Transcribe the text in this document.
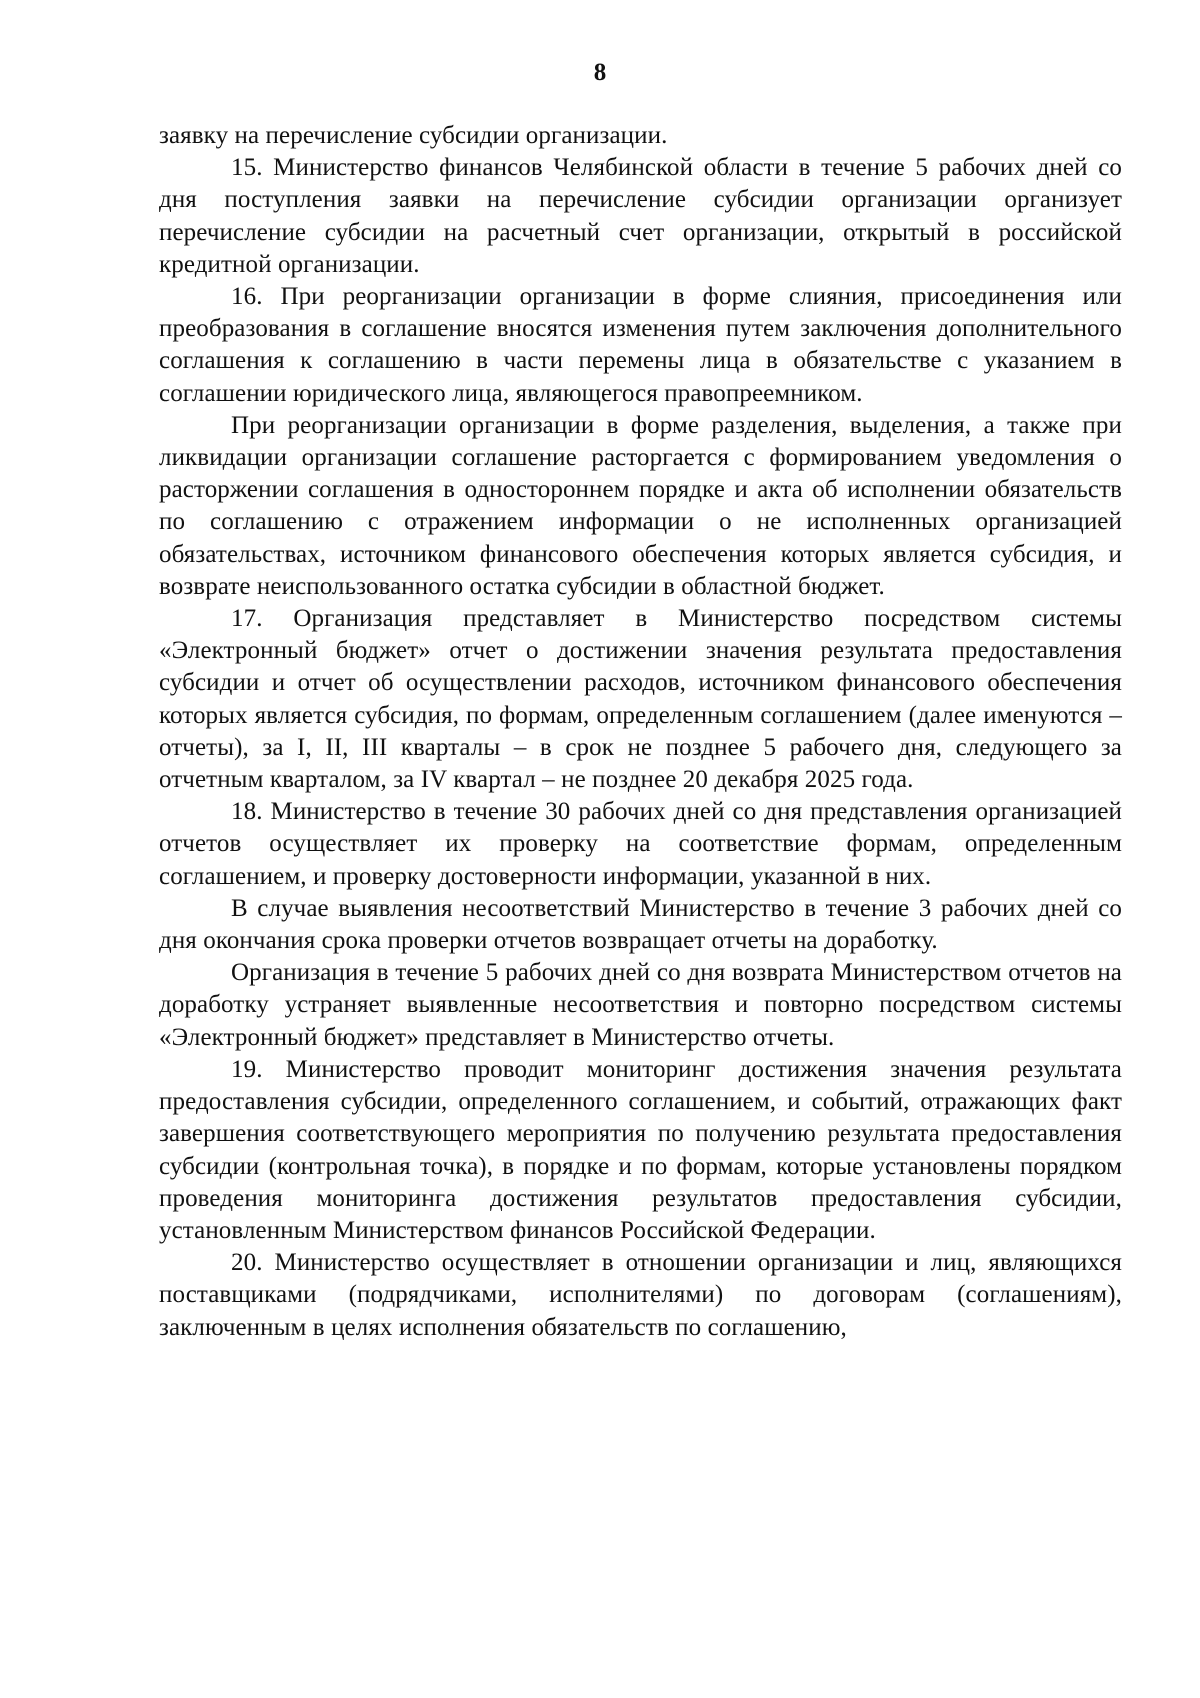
8

заявку на перечисление субсидии организации.

15. Министерство финансов Челябинской области в течение 5 рабочих дней со дня поступления заявки на перечисление субсидии организации организует перечисление субсидии на расчетный счет организации, открытый в российской кредитной организации.

16. При реорганизации организации в форме слияния, присоединения или преобразования в соглашение вносятся изменения путем заключения дополнительного соглашения к соглашению в части перемены лица в обязательстве с указанием в соглашении юридического лица, являющегося правопреемником.

При реорганизации организации в форме разделения, выделения, а также при ликвидации организации соглашение расторгается с формированием уведомления о расторжении соглашения в одностороннем порядке и акта об исполнении обязательств по соглашению с отражением информации о не исполненных организацией обязательствах, источником финансового обеспечения которых является субсидия, и возврате неиспользованного остатка субсидии в областной бюджет.

17. Организация представляет в Министерство посредством системы «Электронный бюджет» отчет о достижении значения результата предоставления субсидии и отчет об осуществлении расходов, источником финансового обеспечения которых является субсидия, по формам, определенным соглашением (далее именуются – отчеты), за I, II, III кварталы – в срок не позднее 5 рабочего дня, следующего за отчетным кварталом, за IV квартал – не позднее 20 декабря 2025 года.

18. Министерство в течение 30 рабочих дней со дня представления организацией отчетов осуществляет их проверку на соответствие формам, определенным соглашением, и проверку достоверности информации, указанной в них.

В случае выявления несоответствий Министерство в течение 3 рабочих дней со дня окончания срока проверки отчетов возвращает отчеты на доработку.

Организация в течение 5 рабочих дней со дня возврата Министерством отчетов на доработку устраняет выявленные несоответствия и повторно посредством системы «Электронный бюджет» представляет в Министерство отчеты.

19. Министерство проводит мониторинг достижения значения результата предоставления субсидии, определенного соглашением, и событий, отражающих факт завершения соответствующего мероприятия по получению результата предоставления субсидии (контрольная точка), в порядке и по формам, которые установлены порядком проведения мониторинга достижения результатов предоставления субсидии, установленным Министерством финансов Российской Федерации.

20. Министерство осуществляет в отношении организации и лиц, являющихся поставщиками (подрядчиками, исполнителями) по договорам (соглашениям), заключенным в целях исполнения обязательств по соглашению,
